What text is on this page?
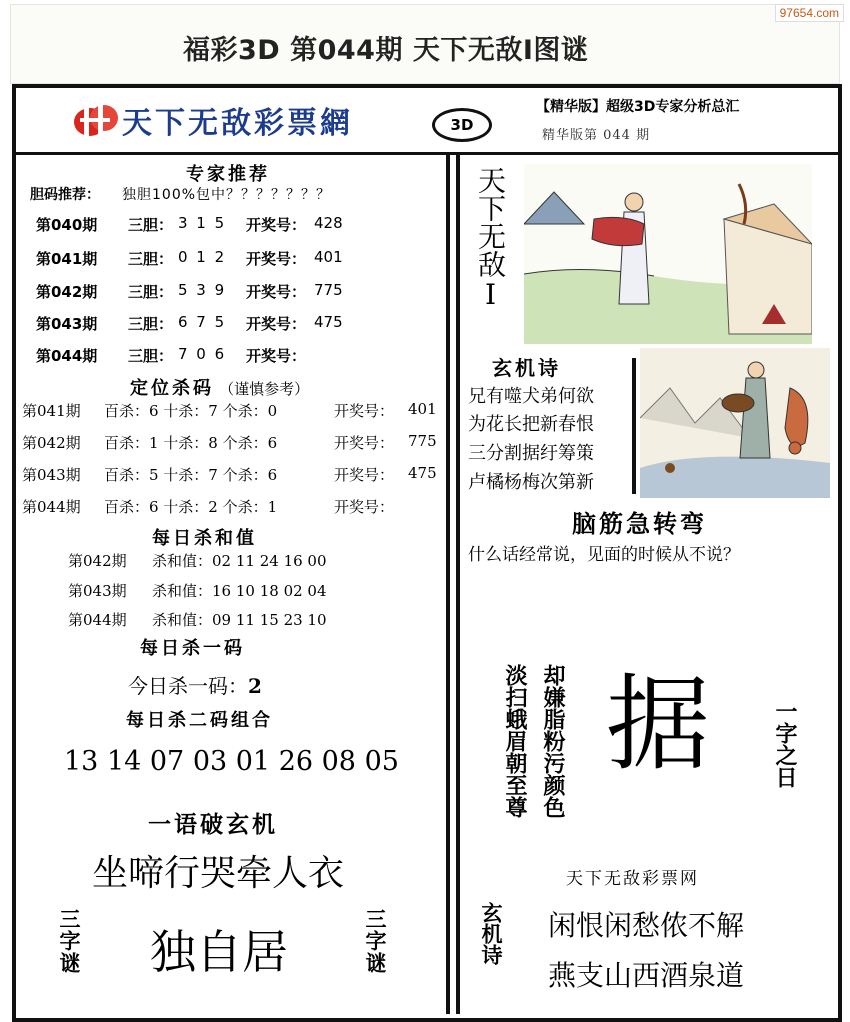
福彩3D 第044期 天下无敌Ⅰ图谜
97654.com
天下无敌彩票網	3D
【精华版】超级3D专家分析总汇
精华版第 044 期
专家推荐
胆码推荐： 独胆100%包中？？？？？？？
第040期 三胆： 3 1 5 开奖号： 428
第041期 三胆： 0 1 2 开奖号： 401
第042期 三胆： 5 3 9 开奖号： 775
第043期 三胆： 6 7 5 开奖号： 475
第044期 三胆： 7 0 6 开奖号：
定位杀码 （谨慎参考）
第041期 百杀：6 十杀：7 个杀：0	开奖号： 401
第042期 百杀：1 十杀：8 个杀：6	开奖号： 775
第043期 百杀：5 十杀：7 个杀：6	开奖号： 475
第044期 百杀：6 十杀：2 个杀：1	开奖号：
每日杀和值
第042期 杀和值：02 11 24 16 00
第043期 杀和值：16 10 18 02 04
第044期 杀和值：09 11 15 23 10
每日杀一码
今日杀一码：2
每日杀二码组合
13 14 07 03 01 26 08 05
一语破玄机
坐啼行哭牵人衣
三字谜 独自居	三字谜
天下无敌Ⅰ
玄机诗
兄有噬犬弟何欲
为花长把新春恨
三分割据纡筹策
卢橘杨梅次第新
脑筋急转弯
什么话经常说，见面的时候从不说？
淡扫蛾眉朝至尊 却嫌脂粉污颜色 据	一字之日
天下无敌彩票网
玄机诗 闲恨闲愁侬不解
燕支山西酒泉道
